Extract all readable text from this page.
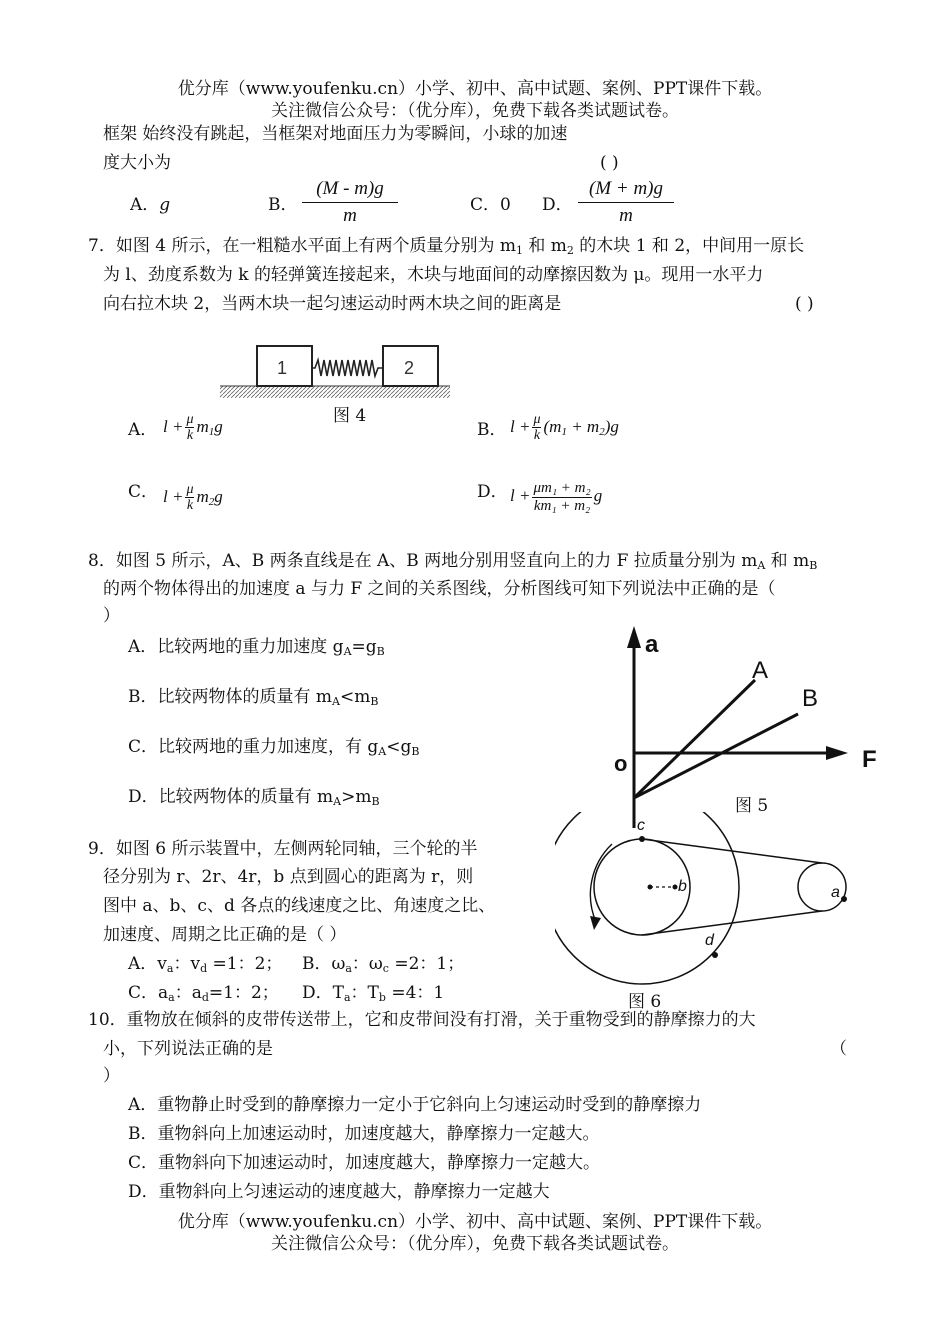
优分库（www.youfenku.cn）小学、初中、高中试题、案例、PPT课件下载。
关注微信公众号：（优分库），免费下载各类试题试卷。
框架 始终没有跳起，当框架对地面压力为零瞬间，小球的加速
度大小为	( )
A．g	B． $\frac{(M - m)g}{m}$	C．0 D． $\frac{(M + m)g}{m}$
7．如图 4 所示，在一粗糙水平面上有两个质量分别为 $m_1$ 和 $m_2$ 的木块 1 和 2，中间用一原长
为 l、劲度系数为 k 的轻弹簧连接起来，木块与地面间的动摩擦因数为 μ。现用一水平力
向右拉木块 2，当两木块一起匀速运动时两木块之间的距离是	( )
1	2
图 4
A． $l + \frac{\mu}{k} m_1g$	B． $l + \frac{\mu}{k} (m_1 + m_2)g$
C． $l + \frac{\mu}{k} m_2g$	D． $l + \frac{\text{μm₁ + m₂}}{\text{km₁ + m₂}}$ g
8．如图 5 所示，A、B 两条直线是在 A、B 两地分别用竖直向上的力 F 拉质量分别为 $m_A$ 和 $m_B$
的两个物体得出的加速度 a 与力 F 之间的关系图线，分析图线可知下列说法中正确的是（
）
A．比较两地的重力加速度 $g_A=g_B$
B．比较两物体的质量有 $m_A<m_B$
C．比较两地的重力加速度，有 $g_A<g_B$
D．比较两物体的质量有 $m_A>m_B$
a
F
o
A
B
图 5
9．如图 6 所示装置中，左侧两轮同轴，三个轮的半
径分别为 r、2r、4r，b 点到圆心的距离为 r，则
图中 a、b、c、d 各点的线速度之比、角速度之比、
加速度、周期之比正确的是（ ）
A．$v_a$：$v_d =1$：2； B．$\omega_a$：$\omega_c =2$：1；
C．$a_a$：$a_d=1$：2； D．$T_a$：$T_b =4$：1
b
c
d
a
图 6
10．重物放在倾斜的皮带传送带上，它和皮带间没有打滑，关于重物受到的静摩擦力的大
小，下列说法正确的是	（
）
A．重物静止时受到的静摩擦力一定小于它斜向上匀速运动时受到的静摩擦力
B．重物斜向上加速运动时，加速度越大，静摩擦力一定越大。
C．重物斜向下加速运动时，加速度越大，静摩擦力一定越大。
D．重物斜向上匀速运动的速度越大，静摩擦力一定越大
优分库（www.youfenku.cn）小学、初中、高中试题、案例、PPT课件下载。
关注微信公众号：（优分库），免费下载各类试题试卷。
